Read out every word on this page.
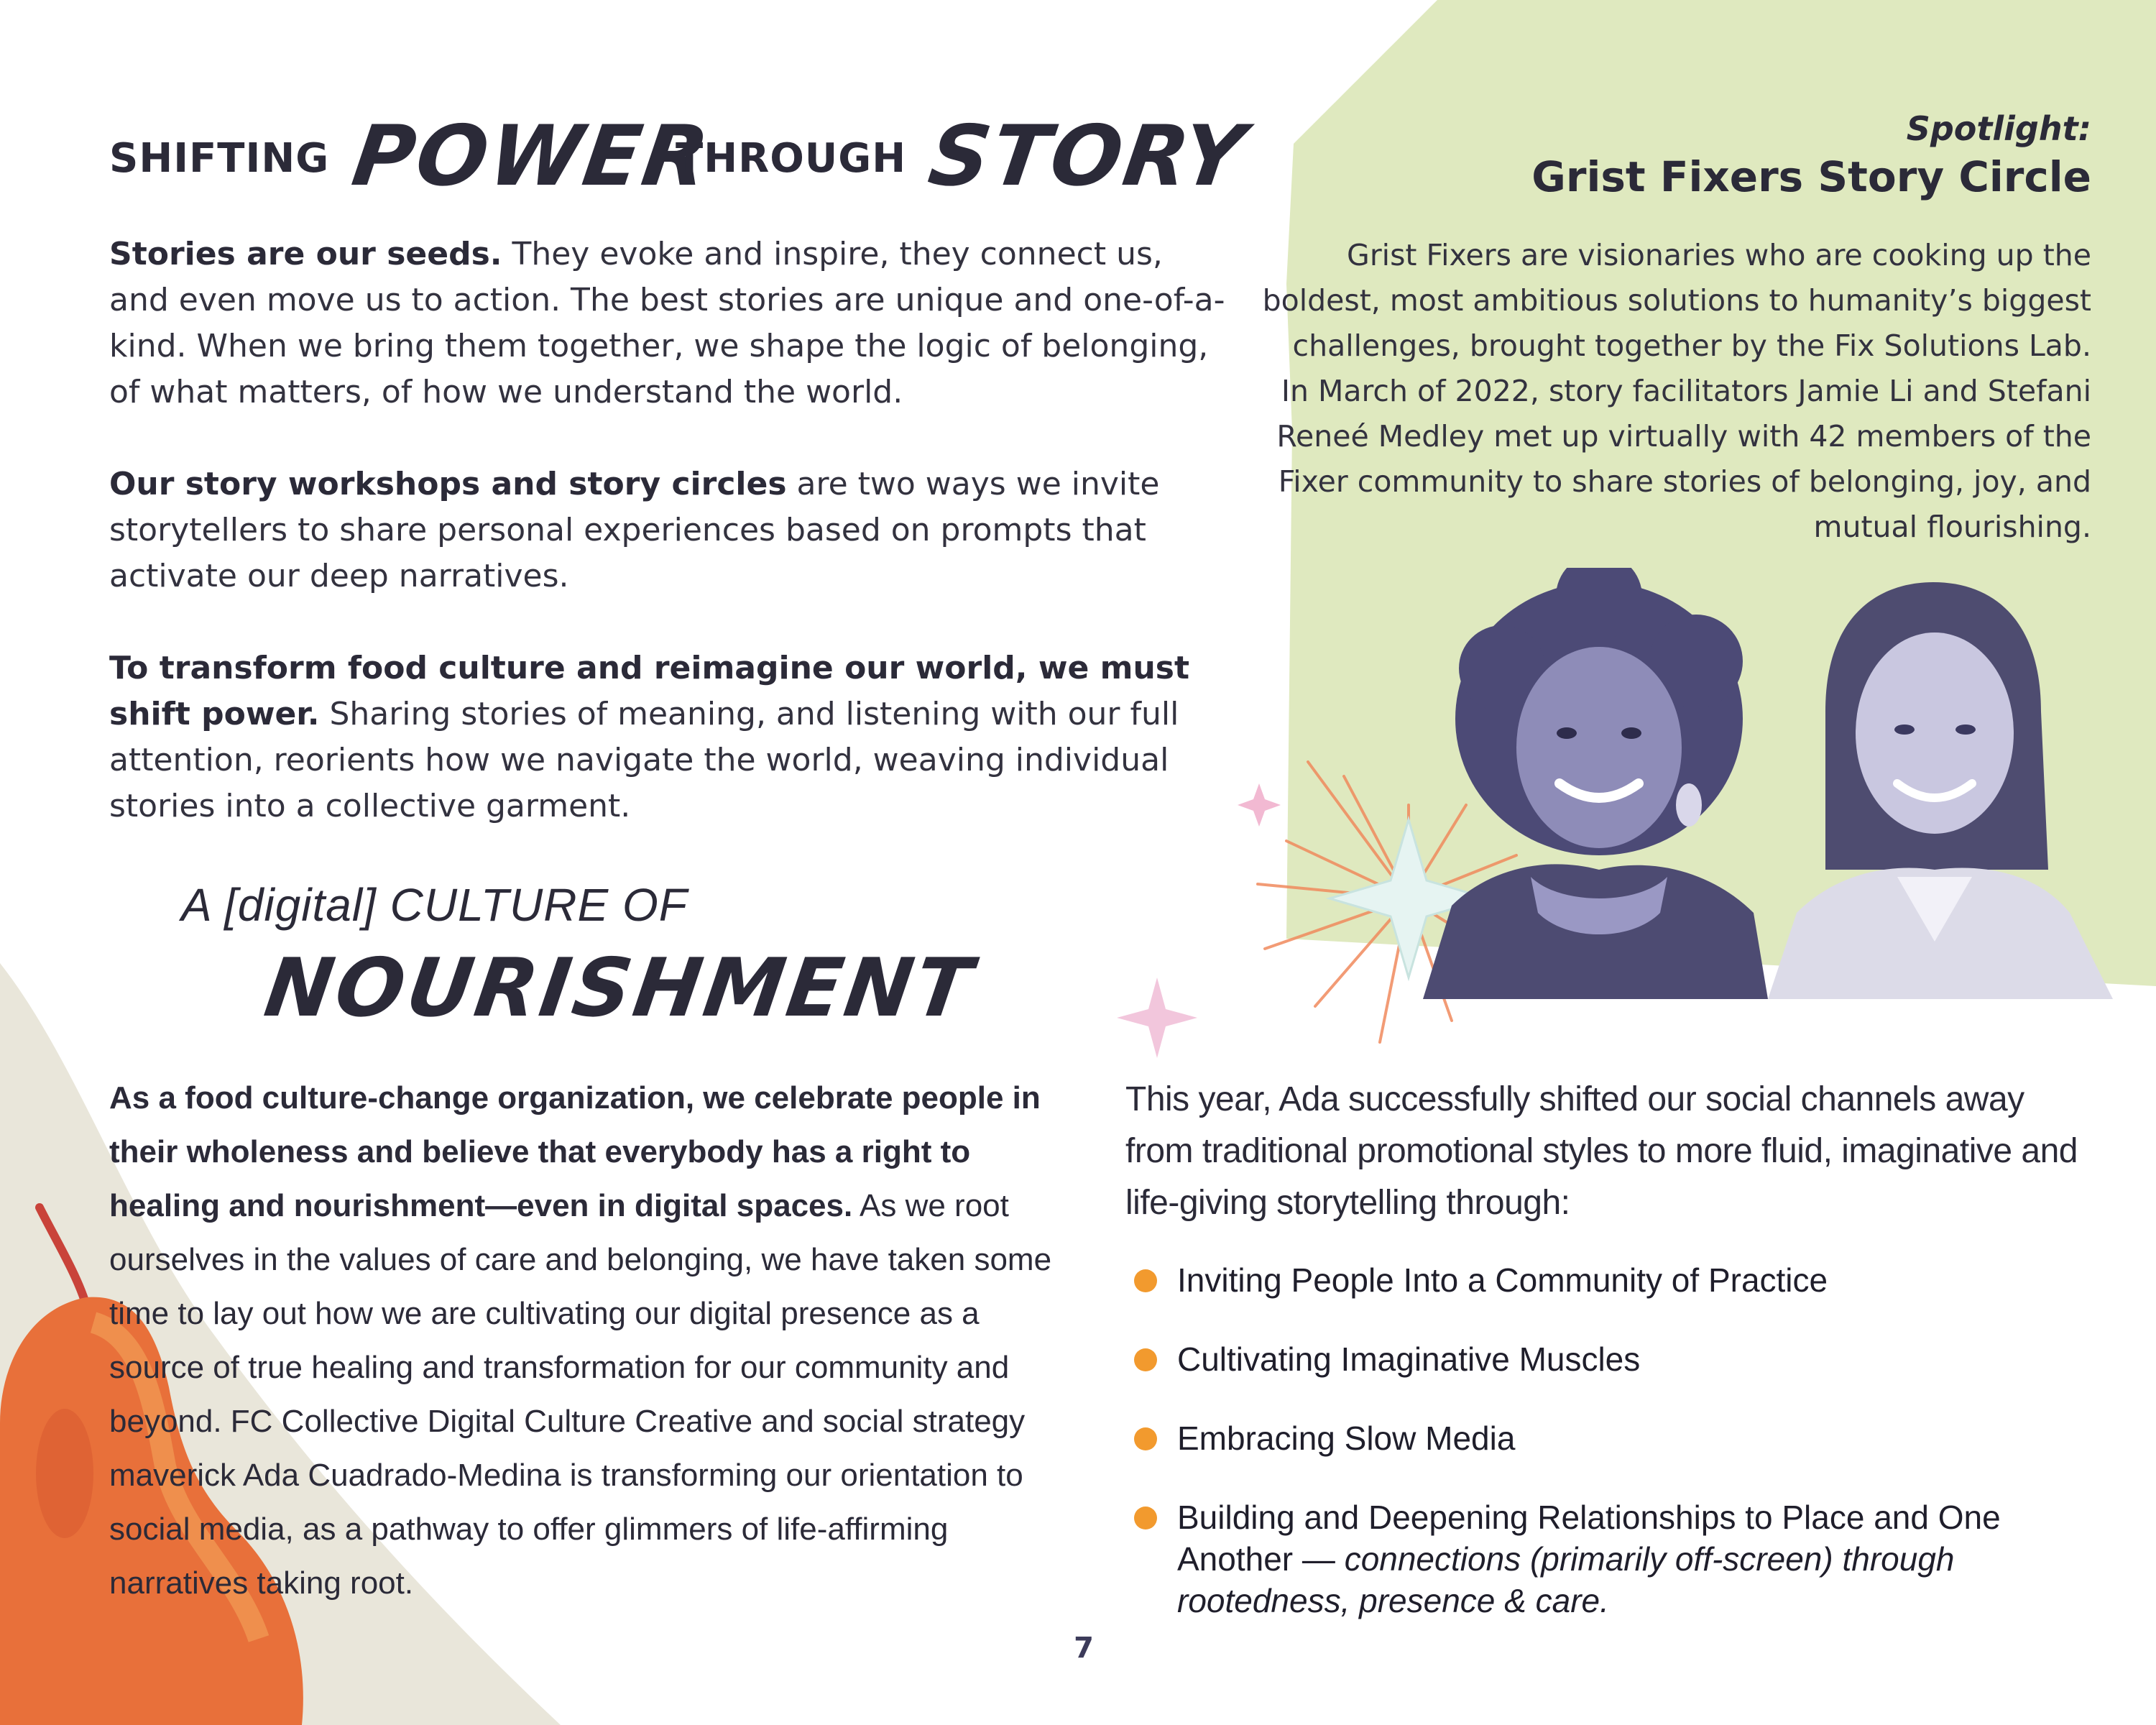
SHIFTING POWER
THROUGH STORY

Stories are our seeds. They evoke and inspire, they connect us, and even move us to action. The best stories are unique and one-of-a-kind. When we bring them together, we shape the logic of belonging, of what matters, of how we understand the world.

Our story workshops and story circles are two ways we invite storytellers to share personal experiences based on prompts that activate our deep narratives.

To transform food culture and reimagine our world, we must shift power. Sharing stories of meaning, and listening with our full attention, reorients how we navigate the world, weaving individual stories into a collective garment.

A [digital] CULTURE OF
NOURISHMENT

As a food culture-change organization, we celebrate people in their wholeness and believe that everybody has a right to healing and nourishment—even in digital spaces. As we root ourselves in the values of care and belonging, we have taken some time to lay out how we are cultivating our digital presence as a source of true healing and transformation for our community and beyond. FC Collective Digital Culture Creative and social strategy maverick Ada Cuadrado-Medina is transforming our orientation to social media, as a pathway to offer glimmers of life-affirming narratives taking root.

Spotlight:
Grist Fixers Story Circle

Grist Fixers are visionaries who are cooking up the boldest, most ambitious solutions to humanity’s biggest challenges, brought together by the Fix Solutions Lab. In March of 2022, story facilitators Jamie Li and Stefani Reneé Medley met up virtually with 42 members of the Fixer community to share stories of belonging, joy, and mutual flourishing.

This year, Ada successfully shifted our social channels away from traditional promotional styles to more fluid, imaginative and life-giving storytelling through:

Inviting People Into a Community of Practice
Cultivating Imaginative Muscles
Embracing Slow Media
Building and Deepening Relationships to Place and One Another — connections (primarily off-screen) through rootedness, presence & care.
7
